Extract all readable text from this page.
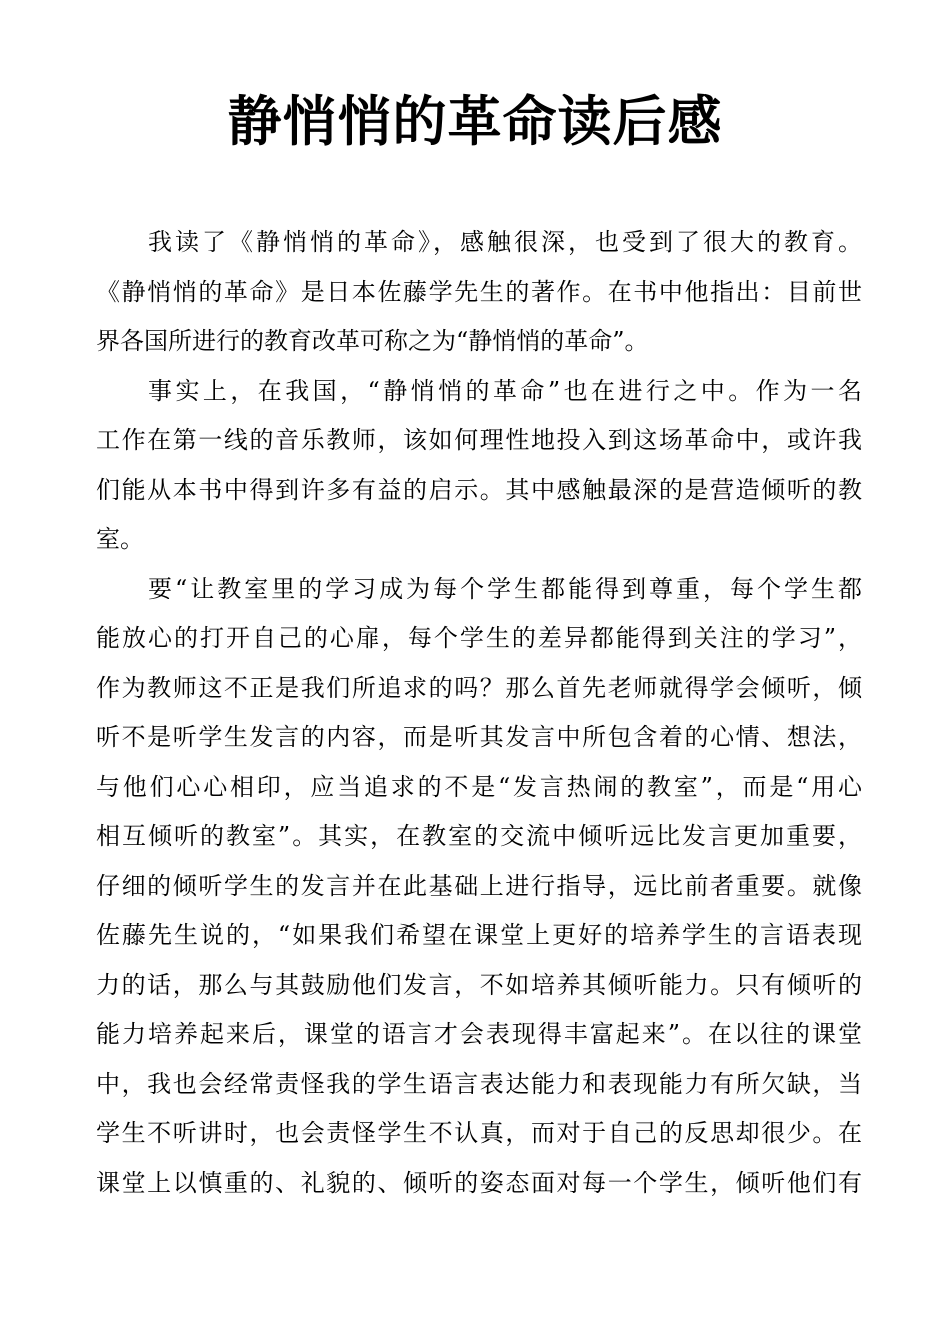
静悄悄的革命读后感

我读了《静悄悄的革命》，感触很深，也受到了很大的教育。
《静悄悄的革命》是日本佐藤学先生的著作。在书中他指出：目前世
界各国所进行的教育改革可称之为“静悄悄的革命”。

事实上，在我国，“静悄悄的革命”也在进行之中。作为一名
工作在第一线的音乐教师，该如何理性地投入到这场革命中，或许我
们能从本书中得到许多有益的启示。其中感触最深的是营造倾听的教
室。

要“让教室里的学习成为每个学生都能得到尊重，每个学生都
能放心的打开自己的心扉，每个学生的差异都能得到关注的学习”，
作为教师这不正是我们所追求的吗？那么首先老师就得学会倾听，倾
听不是听学生发言的内容，而是听其发言中所包含着的心情、想法，
与他们心心相印，应当追求的不是“发言热闹的教室”，而是“用心
相互倾听的教室”。其实，在教室的交流中倾听远比发言更加重要，
仔细的倾听学生的发言并在此基础上进行指导，远比前者重要。就像
佐藤先生说的，“如果我们希望在课堂上更好的培养学生的言语表现
力的话，那么与其鼓励他们发言，不如培养其倾听能力。只有倾听的
能力培养起来后，课堂的语言才会表现得丰富起来”。在以往的课堂
中，我也会经常责怪我的学生语言表达能力和表现能力有所欠缺，当
学生不听讲时，也会责怪学生不认真，而对于自己的反思却很少。在
课堂上以慎重的、礼貌的、倾听的姿态面对每一个学生，倾听他们有
